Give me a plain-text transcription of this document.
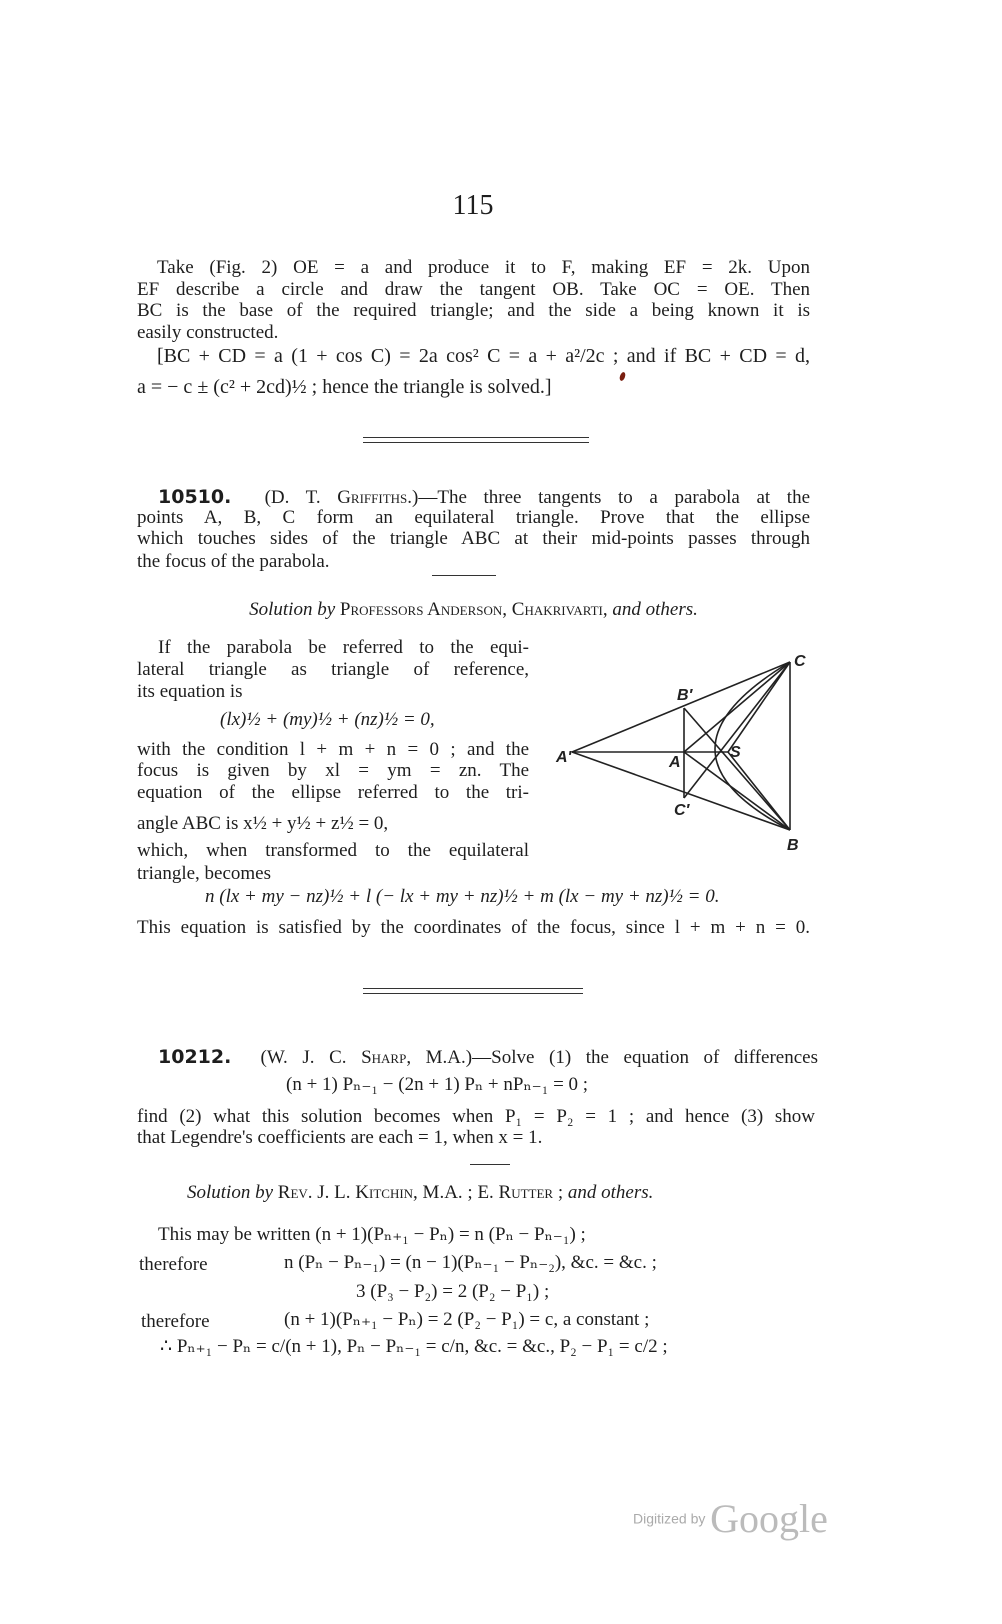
115
Take (Fig. 2) OE = a and produce it to F, making EF = 2k. Upon
EF describe a circle and draw the tangent OB. Take OC = OE. Then
BC is the base of the required triangle; and the side a being known it is
easily constructed.
[BC + CD = a (1 + cos C) = 2a cos² C = a + a²/2c ; and if BC + CD = d,
a = − c ± (c² + 2cd)½ ; hence the triangle is solved.]
10510. (D. T. Griffiths.)—The three tangents to a parabola at the
points A, B, C form an equilateral triangle. Prove that the ellipse
which touches sides of the triangle ABC at their mid-points passes through
the focus of the parabola.
Solution by Professors Anderson, Chakrivarti, and others.
If the parabola be referred to the equi-
lateral triangle as triangle of reference,
its equation is
(lx)½ + (my)½ + (nz)½ = 0,
with the condition l + m + n = 0 ; and the
focus is given by xl = ym = zn. The
equation of the ellipse referred to the tri-
angle ABC is x½ + y½ + z½ = 0,
which, when transformed to the equilateral
triangle, becomes
n (lx + my − nz)½ + l (− lx + my + nz)½ + m (lx − my + nz)½ = 0.
This equation is satisfied by the coordinates of the focus, since l + m + n = 0.
C
B′
A′	A
S
C′
B
10212. (W. J. C. Sharp, M.A.)—Solve (1) the equation of differences
(n + 1) Pₙ₋₁ − (2n + 1) Pₙ + nPₙ₋₁ = 0 ;
find (2) what this solution becomes when P₁ = P₂ = 1 ; and hence (3) show
that Legendre's coefficients are each = 1, when x = 1.
Solution by Rev. J. L. Kitchin, M.A. ; E. Rutter ; and others.
This may be written (n + 1)(Pₙ₊₁ − Pₙ) = n (Pₙ − Pₙ₋₁) ;
therefore	n (Pₙ − Pₙ₋₁) = (n − 1)(Pₙ₋₁ − Pₙ₋₂), &c. = &c. ;
3 (P₃ − P₂) = 2 (P₂ − P₁) ;
therefore	(n + 1)(Pₙ₊₁ − Pₙ) = 2 (P₂ − P₁) = c, a constant ;
∴ Pₙ₊₁ − Pₙ = c/(n + 1), Pₙ − Pₙ₋₁ = c/n, &c. = &c., P₂ − P₁ = c/2 ;
Digitized by Google
